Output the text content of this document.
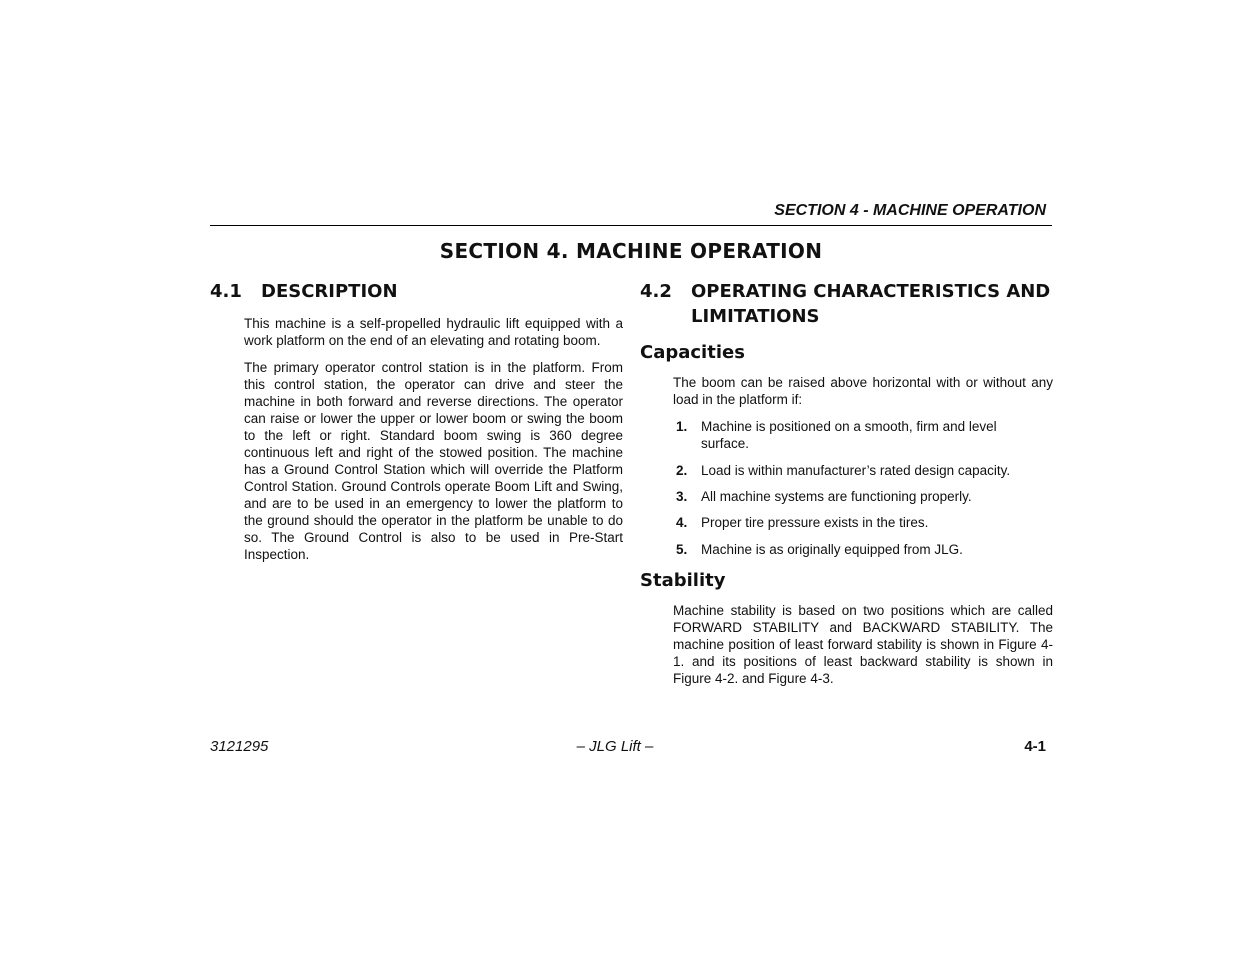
SECTION 4 - MACHINE OPERATION
SECTION 4. MACHINE OPERATION
4.1 DESCRIPTION

This machine is a self-propelled hydraulic lift equipped with a work platform on the end of an elevating and rotating boom.

The primary operator control station is in the platform. From this control station, the operator can drive and steer the machine in both forward and reverse directions. The operator can raise or lower the upper or lower boom or swing the boom to the left or right. Standard boom swing is 360 degree continuous left and right of the stowed position. The machine has a Ground Control Station which will override the Platform Control Station. Ground Controls operate Boom Lift and Swing, and are to be used in an emergency to lower the platform to the ground should the operator in the platform be unable to do so. The Ground Control is also to be used in Pre-Start Inspection.

4.2 OPERATING CHARACTERISTICS AND
LIMITATIONS
Capacities

The boom can be raised above horizontal with or without any load in the platform if:

1. Machine is positioned on a smooth, firm and level surface.
2. Load is within manufacturer’s rated design capacity.
3. All machine systems are functioning properly.
4. Proper tire pressure exists in the tires.
5. Machine is as originally equipped from JLG.
Stability

Machine stability is based on two positions which are called FORWARD STABILITY and BACKWARD STABILITY. The machine position of least forward stability is shown in Figure 4-1. and its positions of least backward stability is shown in Figure 4-2. and Figure 4-3.

3121295	– JLG Lift –	4-1
